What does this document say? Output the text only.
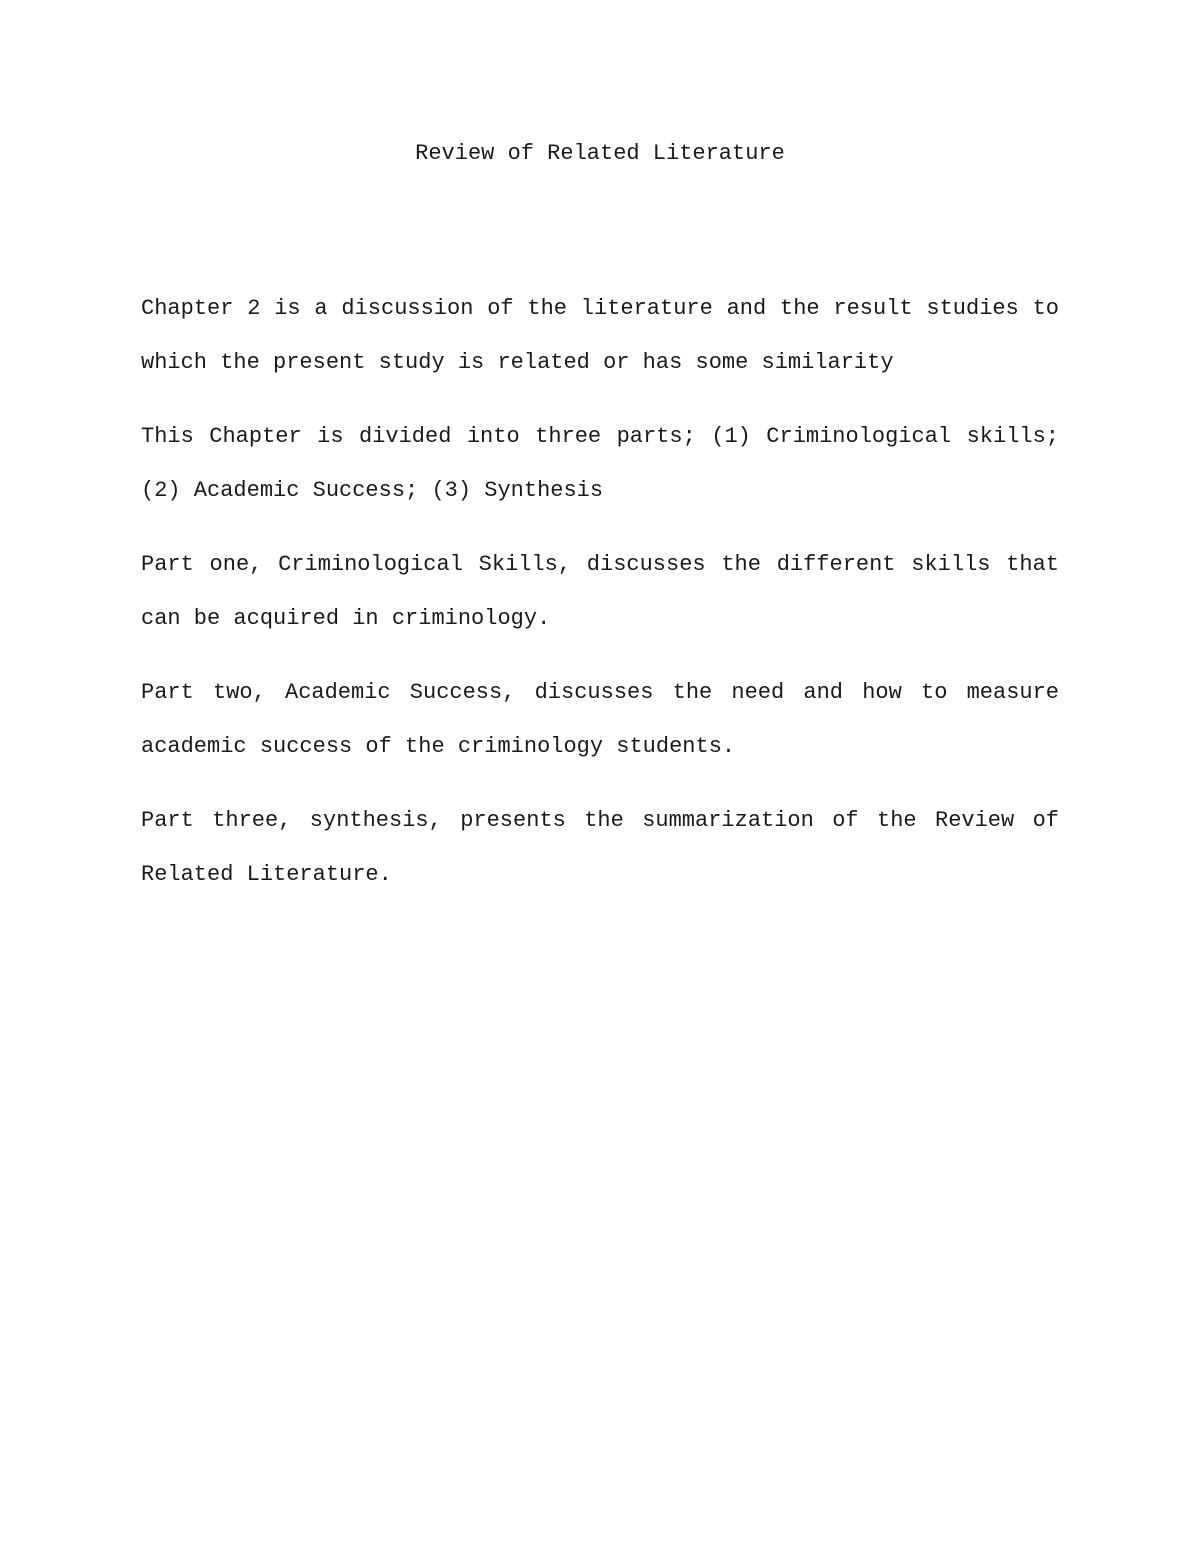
Review of Related Literature

Chapter 2 is a discussion of the literature and the result studies to which the present study is related or has some similarity

This Chapter is divided into three parts; (1) Criminological skills; (2) Academic Success; (3) Synthesis

Part one, Criminological Skills, discusses the different skills that can be acquired in criminology.

Part two, Academic Success, discusses the need and how to measure academic success of the criminology students.

Part three, synthesis, presents the summarization of the Review of Related Literature.
